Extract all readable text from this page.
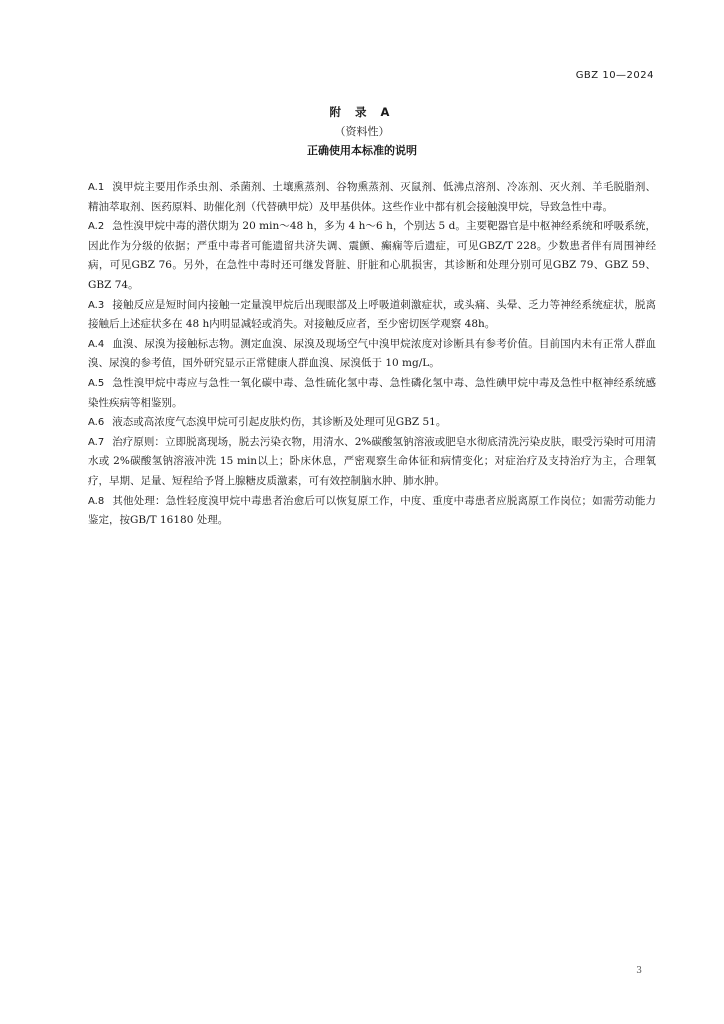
GBZ 10—2024
附 录 A
（资料性）
正确使用本标准的说明

A.1 溴甲烷主要用作杀虫剂、杀菌剂、土壤熏蒸剂、谷物熏蒸剂、灭鼠剂、低沸点溶剂、冷冻剂、灭火剂、羊毛脱脂剂、精油萃取剂、医药原料、助催化剂（代替碘甲烷）及甲基供体。这些作业中都有机会接触溴甲烷，导致急性中毒。

A.2 急性溴甲烷中毒的潜伏期为 20 min～48 h，多为 4 h～6 h，个别达 5 d。主要靶器官是中枢神经系统和呼吸系统，因此作为分级的依据；严重中毒者可能遗留共济失调、震颤、癫痫等后遗症，可见GBZ/T 228。少数患者伴有周围神经病，可见GBZ 76。另外，在急性中毒时还可继发肾脏、肝脏和心肌损害，其诊断和处理分别可见GBZ 79、GBZ 59、GBZ 74。

A.3 接触反应是短时间内接触一定量溴甲烷后出现眼部及上呼吸道刺激症状，或头痛、头晕、乏力等神经系统症状，脱离接触后上述症状多在 48 h内明显减轻或消失。对接触反应者，至少密切医学观察 48h。

A.4 血溴、尿溴为接触标志物。测定血溴、尿溴及现场空气中溴甲烷浓度对诊断具有参考价值。目前国内未有正常人群血溴、尿溴的参考值，国外研究显示正常健康人群血溴、尿溴低于 10 mg/L。

A.5 急性溴甲烷中毒应与急性一氧化碳中毒、急性硫化氢中毒、急性磷化氢中毒、急性碘甲烷中毒及急性中枢神经系统感染性疾病等相鉴别。

A.6 液态或高浓度气态溴甲烷可引起皮肤灼伤，其诊断及处理可见GBZ 51。

A.7 治疗原则：立即脱离现场，脱去污染衣物，用清水、2%碳酸氢钠溶液或肥皂水彻底清洗污染皮肤，眼受污染时可用清水或 2%碳酸氢钠溶液冲洗 15 min以上；卧床休息，严密观察生命体征和病情变化；对症治疗及支持治疗为主，合理氧疗，早期、足量、短程给予肾上腺糖皮质激素，可有效控制脑水肿、肺水肿。

A.8 其他处理：急性轻度溴甲烷中毒患者治愈后可以恢复原工作，中度、重度中毒患者应脱离原工作岗位；如需劳动能力鉴定，按GB/T 16180 处理。

3
